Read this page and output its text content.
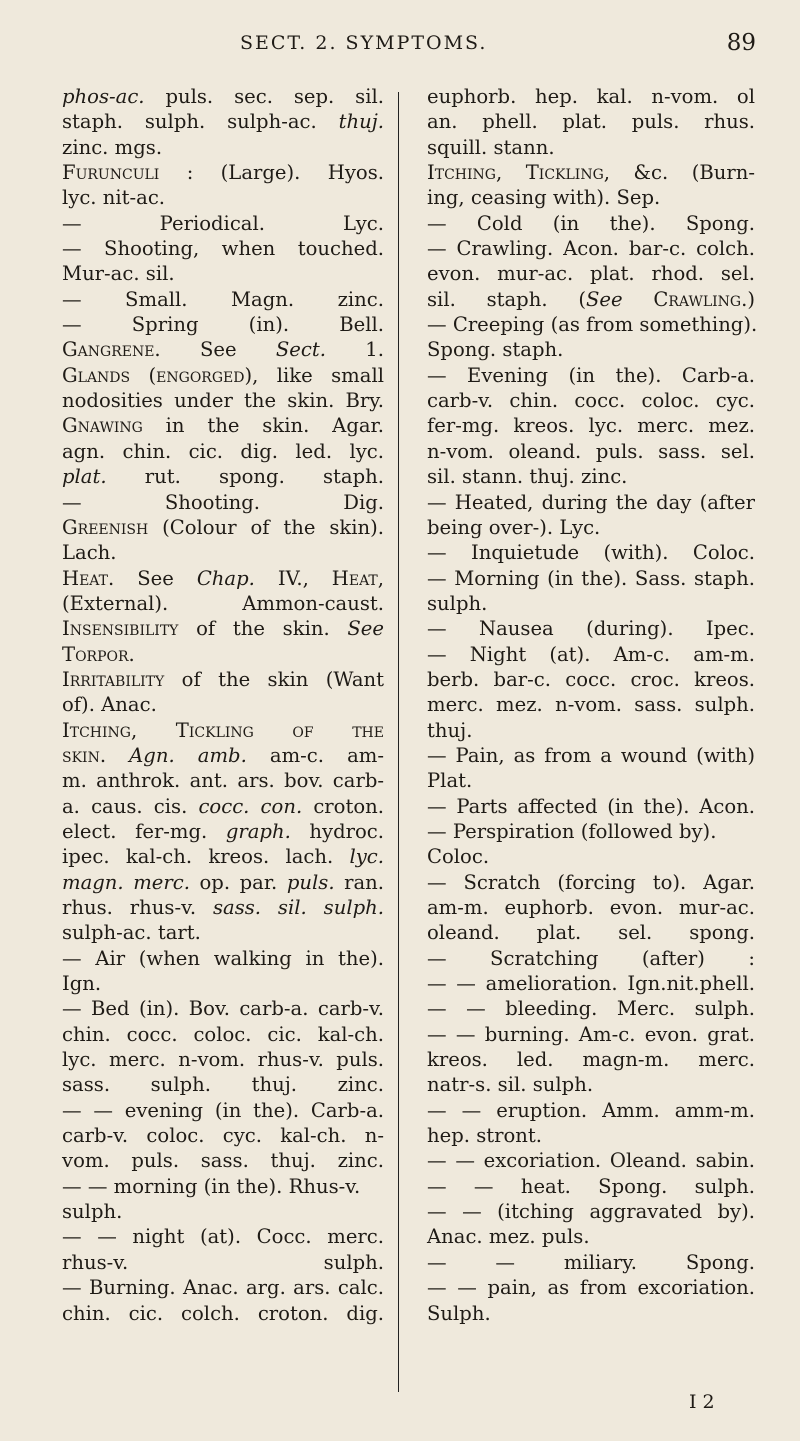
SECT. 2. SYMPTOMS.	89
phos-ac. puls. sec. sep. sil.
staph. sulph. sulph-ac. thuj.
zinc. mgs.
Furunculi : (Large). Hyos.
lyc. nit-ac.
— Periodical. Lyc.
— Shooting, when touched.
Mur-ac. sil.
— Small. Magn. zinc.
— Spring (in). Bell.
Gangrene. See Sect. 1.
Glands (engorged), like small
nodosities under the skin. Bry.
Gnawing in the skin. Agar.
agn. chin. cic. dig. led. lyc.
plat. rut. spong. staph.
— Shooting. Dig.
Greenish (Colour of the skin).
Lach.
Heat. See Chap. IV., Heat,
(External). Ammon-caust.
Insensibility of the skin. See
Torpor.
Irritability of the skin (Want
of). Anac.
Itching, Tickling of the
skin. Agn. amb. am-c. am-
m. anthrok. ant. ars. bov. carb-
a. caus. cis. cocc. con. croton.
elect. fer-mg. graph. hydroc.
ipec. kal-ch. kreos. lach. lyc.
magn. merc. op. par. puls. ran.
rhus. rhus-v. sass. sil. sulph.
sulph-ac. tart.
— Air (when walking in the).
Ign.
— Bed (in). Bov. carb-a. carb-v.
chin. cocc. coloc. cic. kal-ch.
lyc. merc. n-vom. rhus-v. puls.
sass. sulph. thuj. zinc.
— — evening (in the). Carb-a.
carb-v. coloc. cyc. kal-ch. n-
vom. puls. sass. thuj. zinc.
— — morning (in the). Rhus-v.
sulph.
— — night (at). Cocc. merc.
rhus-v. sulph.
— Burning. Anac. arg. ars. calc.
chin. cic. colch. croton. dig.
euphorb. hep. kal. n-vom. ol
an. phell. plat. puls. rhus.
squill. stann.
Itching, Tickling, &c. (Burn-
ing, ceasing with). Sep.
— Cold (in the). Spong.
— Crawling. Acon. bar-c. colch.
evon. mur-ac. plat. rhod. sel.
sil. staph. (See Crawling.)
— Creeping (as from something).
Spong. staph.
— Evening (in the). Carb-a.
carb-v. chin. cocc. coloc. cyc.
fer-mg. kreos. lyc. merc. mez.
n-vom. oleand. puls. sass. sel.
sil. stann. thuj. zinc.
— Heated, during the day (after
being over-). Lyc.
— Inquietude (with). Coloc.
— Morning (in the). Sass. staph.
sulph.
— Nausea (during). Ipec.
— Night (at). Am-c. am-m.
berb. bar-c. cocc. croc. kreos.
merc. mez. n-vom. sass. sulph.
thuj.
— Pain, as from a wound (with)
Plat.
— Parts affected (in the). Acon.
— Perspiration (followed by).
Coloc.
— Scratch (forcing to). Agar.
am-m. euphorb. evon. mur-ac.
oleand. plat. sel. spong.
— Scratching (after) :
— — amelioration. Ign.nit.phell.
— — bleeding. Merc. sulph.
— — burning. Am-c. evon. grat.
kreos. led. magn-m. merc.
natr-s. sil. sulph.
— — eruption. Amm. amm-m.
hep. stront.
— — excoriation. Oleand. sabin.
— — heat. Spong. sulph.
— — (itching aggravated by).
Anac. mez. puls.
— — miliary. Spong.
— — pain, as from excoriation.
Sulph.
I 2
